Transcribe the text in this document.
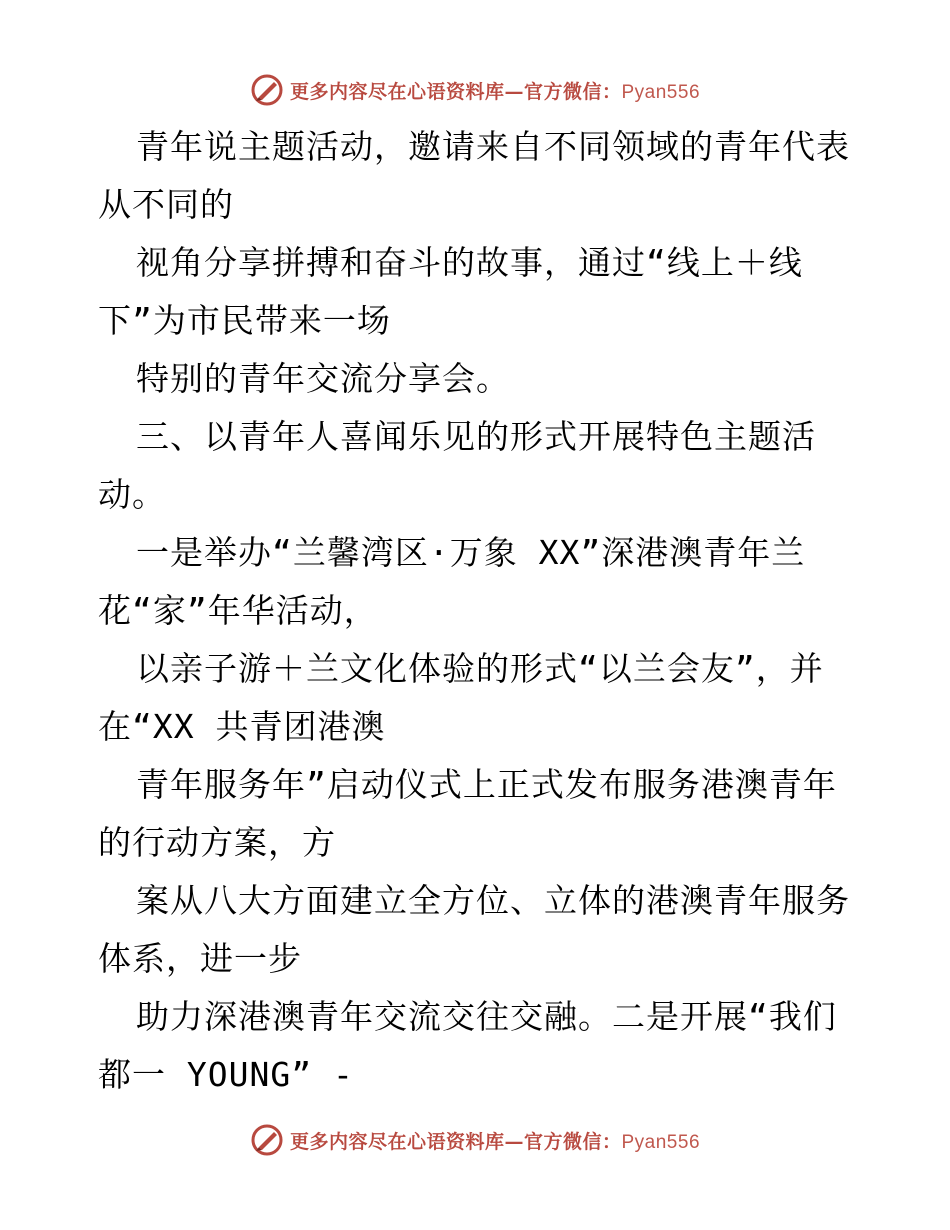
更多内容尽在心语资料库—官方微信：Pyan556
青年说主题活动，邀请来自不同领域的青年代表
从不同的
视角分享拼搏和奋斗的故事，通过“线上＋线
下”为市民带来一场
特别的青年交流分享会。
三、以青年人喜闻乐见的形式开展特色主题活
动。
一是举办“兰馨湾区·万象 XX”深港澳青年兰
花“家”年华活动，
以亲子游＋兰文化体验的形式“以兰会友”，并
在“XX 共青团港澳
青年服务年”启动仪式上正式发布服务港澳青年
的行动方案，方
案从八大方面建立全方位、立体的港澳青年服务
体系，进一步
助力深港澳青年交流交往交融。二是开展“我们
都一 YOUNG” -
更多内容尽在心语资料库—官方微信：Pyan556
